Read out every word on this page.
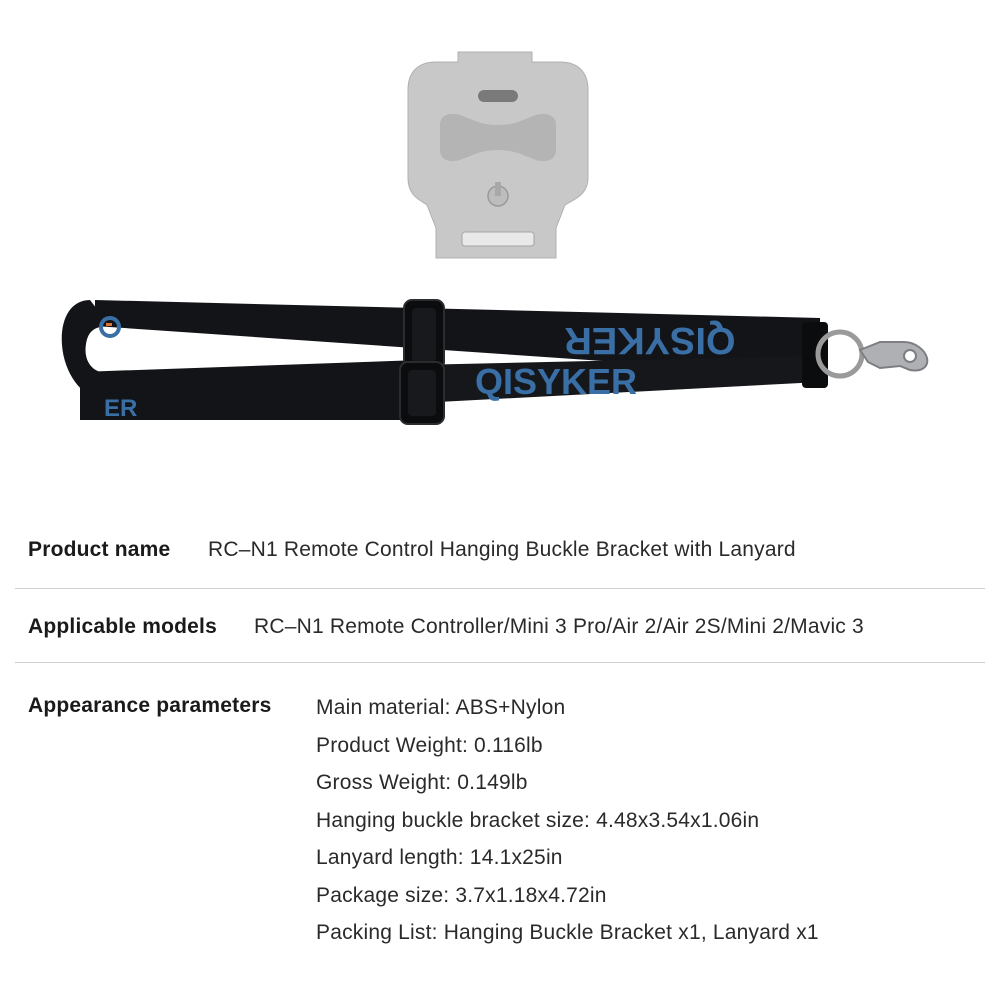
QISYKER
QISYKER
ER
Product name RC–N1 Remote Control Hanging Buckle Bracket with Lanyard
Applicable models RC–N1 Remote Controller/Mini 3 Pro/Air 2/Air 2S/Mini 2/Mavic 3
Appearance parameters Main material: ABS+Nylon
Product Weight: 0.116lb
Gross Weight: 0.149lb
Hanging buckle bracket size: 4.48x3.54x1.06in
Lanyard length: 14.1x25in
Package size: 3.7x1.18x4.72in
Packing List: Hanging Buckle Bracket x1, Lanyard x1
